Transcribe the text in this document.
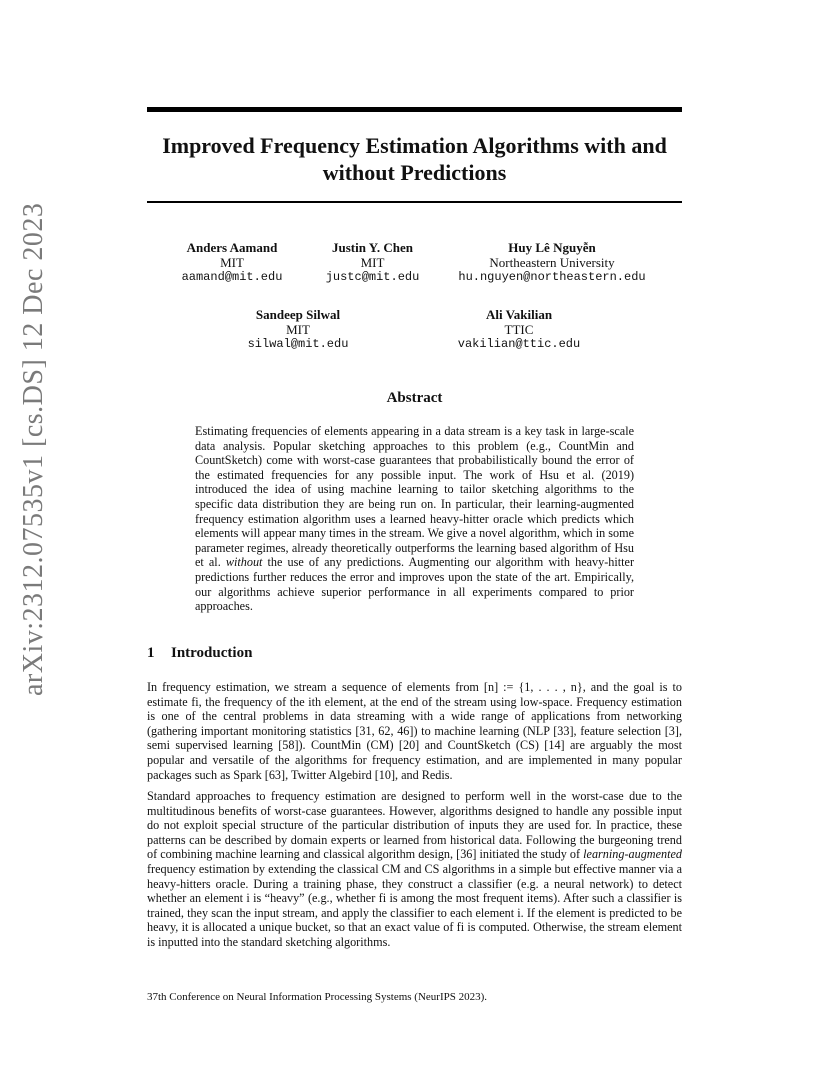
arXiv:2312.07535v1 [cs.DS] 12 Dec 2023
Improved Frequency Estimation Algorithms with and without Predictions
Anders Aamand
MIT
aamand@mit.edu
Justin Y. Chen
MIT
justc@mit.edu
Huy Lê Nguyễn
Northeastern University
hu.nguyen@northeastern.edu
Sandeep Silwal
MIT
silwal@mit.edu
Ali Vakilian
TTIC
vakilian@ttic.edu
Abstract
Estimating frequencies of elements appearing in a data stream is a key task in large-scale data analysis. Popular sketching approaches to this problem (e.g., CountMin and CountSketch) come with worst-case guarantees that probabilistically bound the error of the estimated frequencies for any possible input. The work of Hsu et al. (2019) introduced the idea of using machine learning to tailor sketching algorithms to the specific data distribution they are being run on. In particular, their learning-augmented frequency estimation algorithm uses a learned heavy-hitter oracle which predicts which elements will appear many times in the stream. We give a novel algorithm, which in some parameter regimes, already theoretically outperforms the learning based algorithm of Hsu et al. without the use of any predictions. Augmenting our algorithm with heavy-hitter predictions further reduces the error and improves upon the state of the art. Empirically, our algorithms achieve superior performance in all experiments compared to prior approaches.
1 Introduction
In frequency estimation, we stream a sequence of elements from [n] := {1, . . . , n}, and the goal is to estimate fi, the frequency of the ith element, at the end of the stream using low-space. Frequency estimation is one of the central problems in data streaming with a wide range of applications from networking (gathering important monitoring statistics [31, 62, 46]) to machine learning (NLP [33], feature selection [3], semi supervised learning [58]). CountMin (CM) [20] and CountSketch (CS) [14] are arguably the most popular and versatile of the algorithms for frequency estimation, and are implemented in many popular packages such as Spark [63], Twitter Algebird [10], and Redis.
Standard approaches to frequency estimation are designed to perform well in the worst-case due to the multitudinous benefits of worst-case guarantees. However, algorithms designed to handle any possible input do not exploit special structure of the particular distribution of inputs they are used for. In practice, these patterns can be described by domain experts or learned from historical data. Following the burgeoning trend of combining machine learning and classical algorithm design, [36] initiated the study of learning-augmented frequency estimation by extending the classical CM and CS algorithms in a simple but effective manner via a heavy-hitters oracle. During a training phase, they construct a classifier (e.g. a neural network) to detect whether an element i is “heavy” (e.g., whether fi is among the most frequent items). After such a classifier is trained, they scan the input stream, and apply the classifier to each element i. If the element is predicted to be heavy, it is allocated a unique bucket, so that an exact value of fi is computed. Otherwise, the stream element is inputted into the standard sketching algorithms.
37th Conference on Neural Information Processing Systems (NeurIPS 2023).
